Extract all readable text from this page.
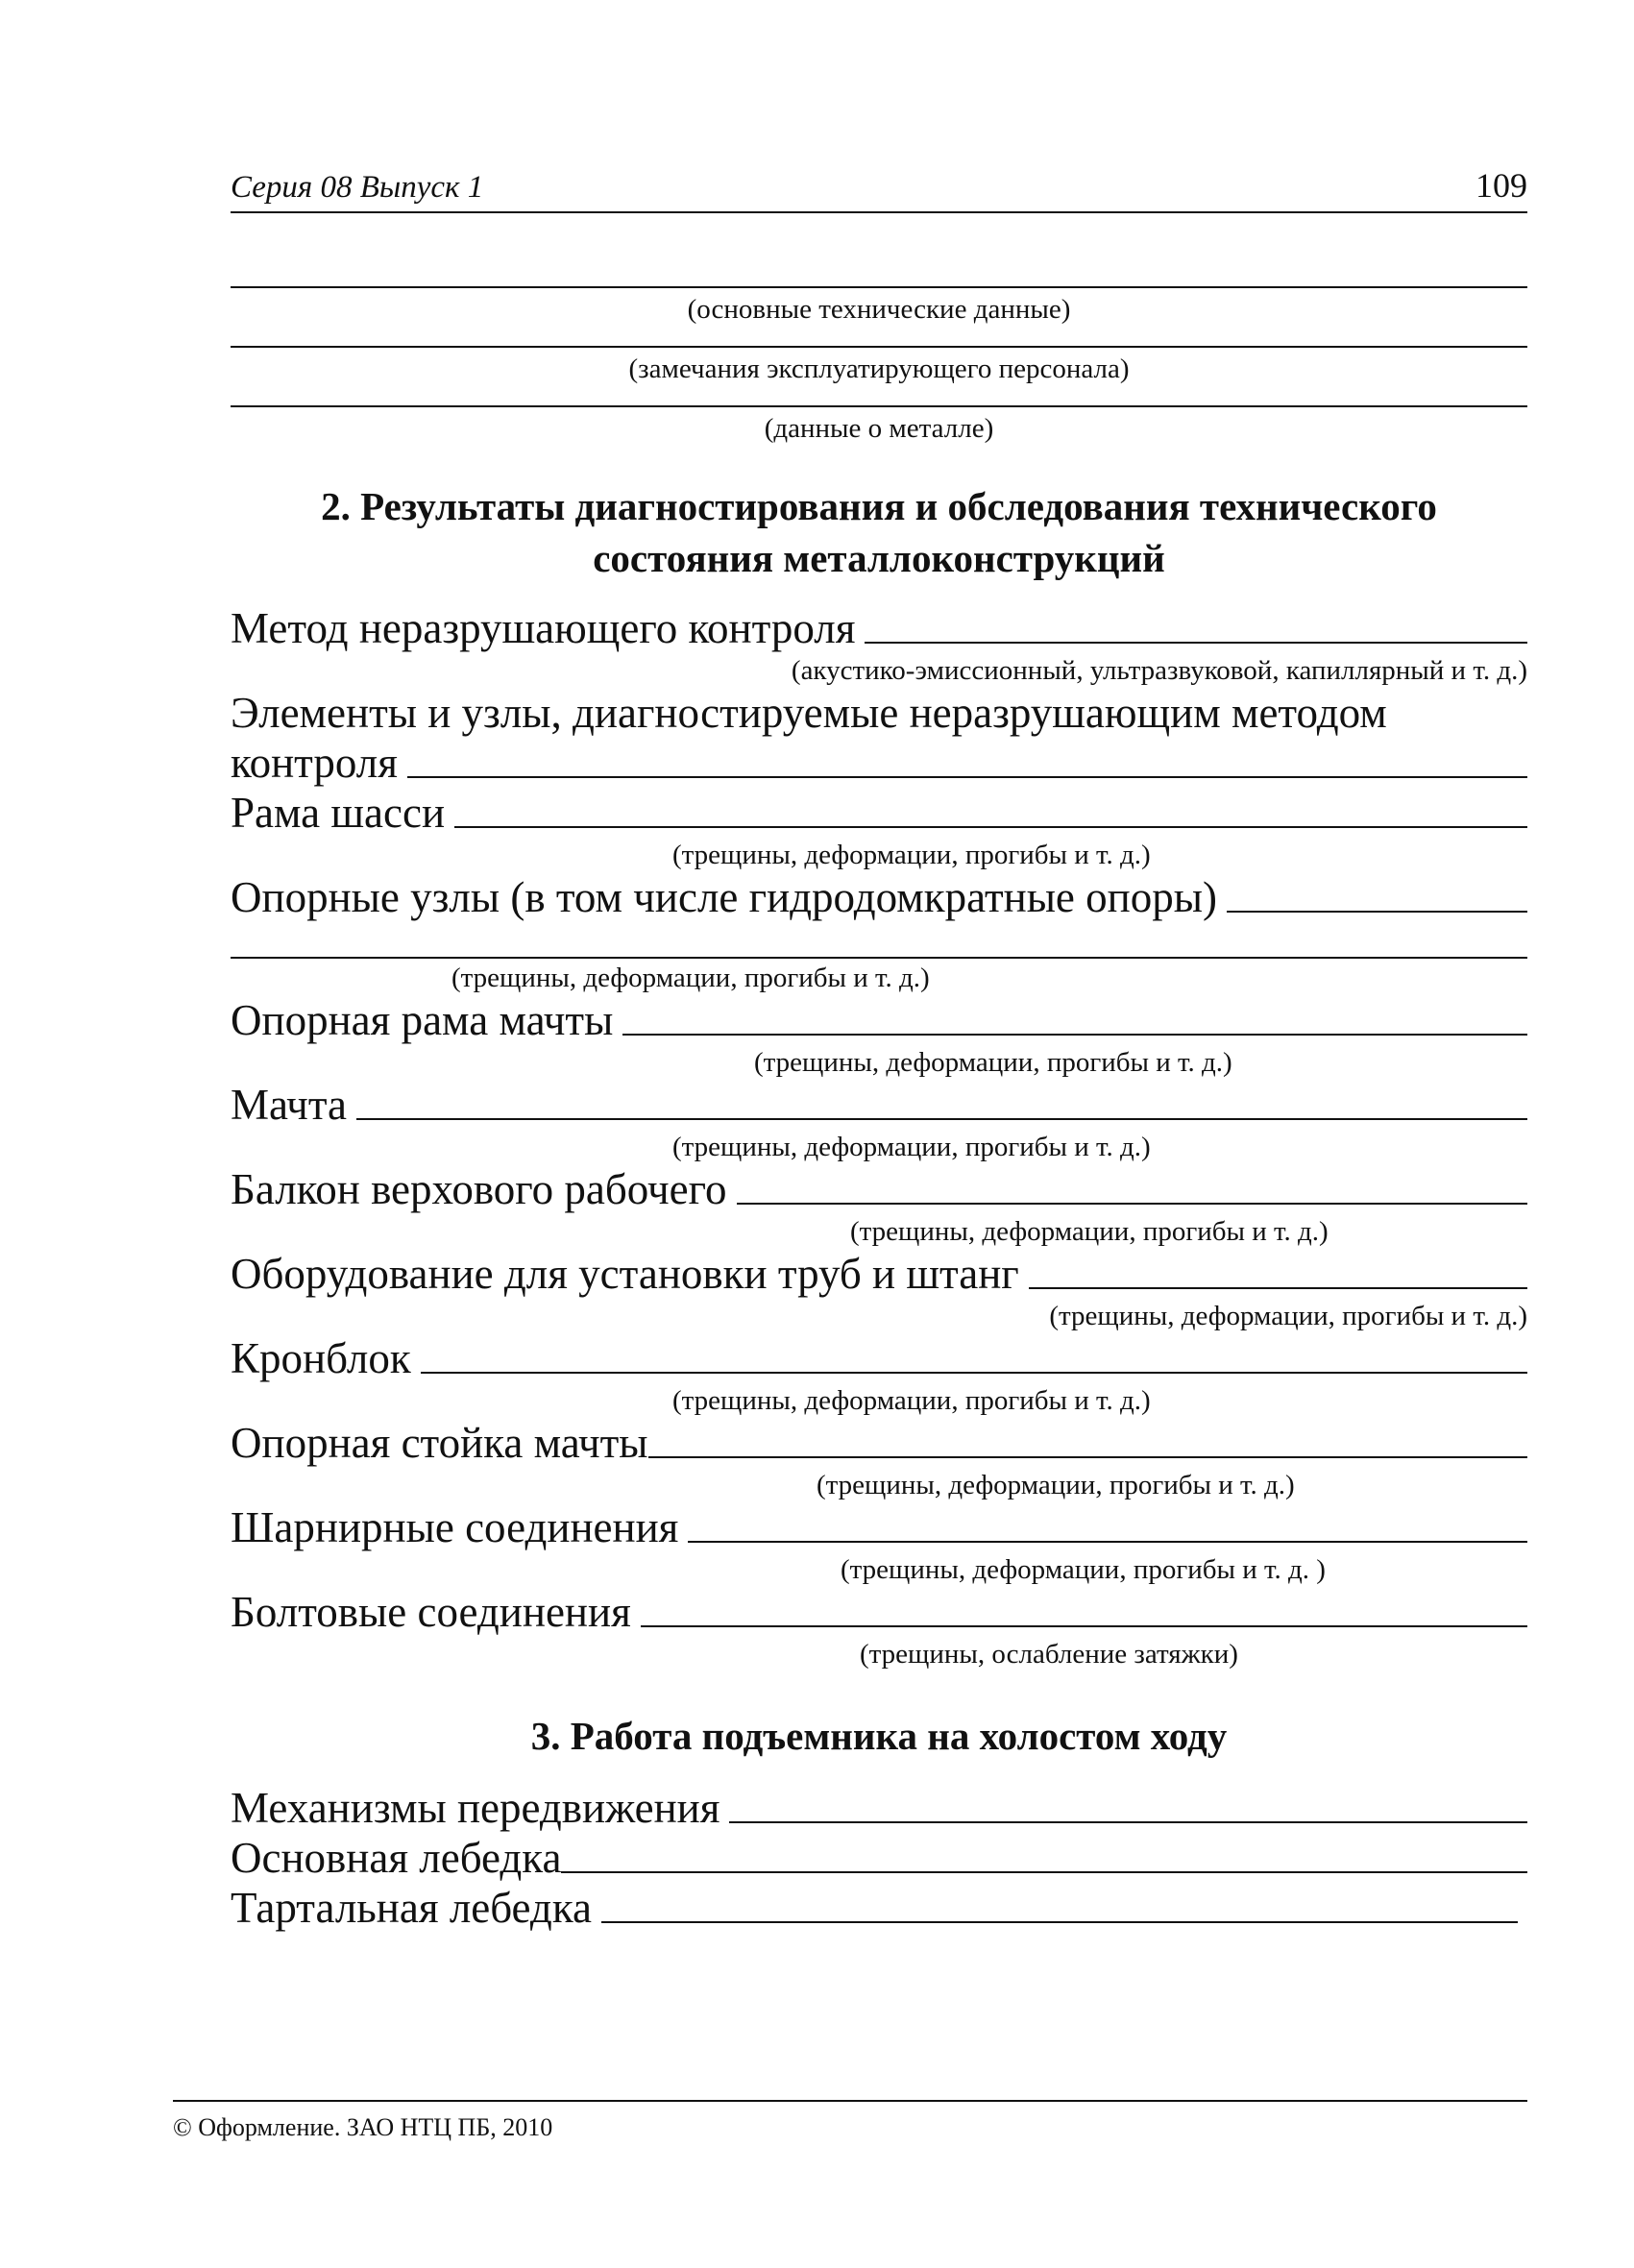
Серия 08 Выпуск 1	109
(основные технические данные)
(замечания эксплуатирующего персонала)
(данные о металле)
2. Результаты диагностирования и обследования технического
состояния металлоконструкций
Метод неразрушающего контроля
(акустико-эмиссионный, ультразвуковой, капиллярный и т. д.)
Элементы и узлы, диагностируемые неразрушающим методом
контроля
Рама шасси
(трещины, деформации, прогибы и т. д.)
Опорные узлы (в том числе гидродомкратные опоры)
(трещины, деформации, прогибы и т. д.)
Опорная рама мачты
(трещины, деформации, прогибы и т. д.)
Мачта
(трещины, деформации, прогибы и т. д.)
Балкон верхового рабочего
(трещины, деформации, прогибы и т. д.)
Оборудование для установки труб и штанг
(трещины, деформации, прогибы и т. д.)
Кронблок
(трещины, деформации, прогибы и т. д.)
Опорная стойка мачты
(трещины, деформации, прогибы и т. д.)
Шарнирные соединения
(трещины, деформации, прогибы и т. д. )
Болтовые соединения
(трещины, ослабление затяжки)
3. Работа подъемника на холостом ходу
Механизмы передвижения
Основная лебедка
Тартальная лебедка
© Оформление. ЗАО НТЦ ПБ, 2010
